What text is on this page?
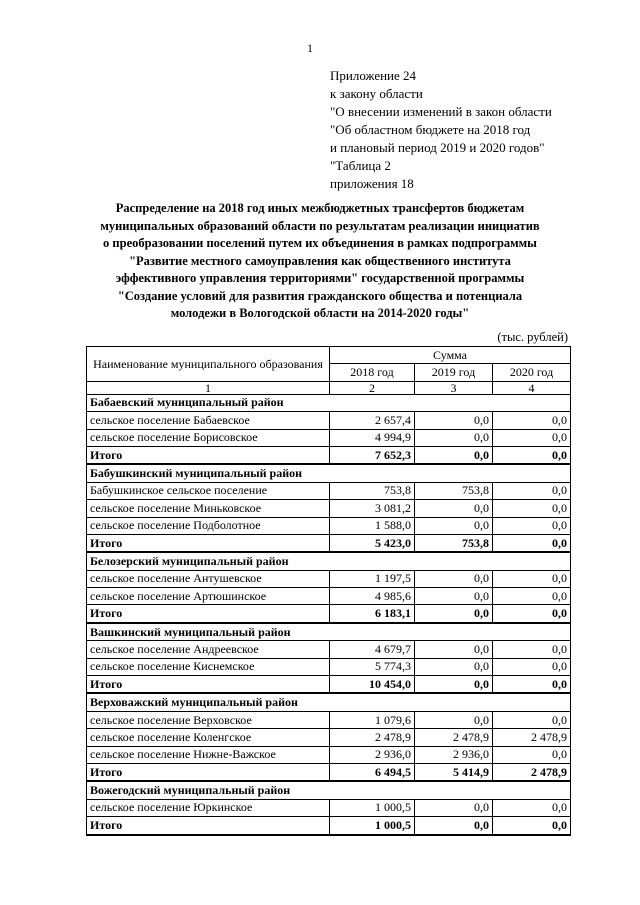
1
Приложение 24
к закону области
"О внесении изменений в закон области
"Об областном бюджете на 2018 год
и плановый период 2019 и 2020 годов"
"Таблица 2
приложения 18
Распределение на 2018 год иных межбюджетных трансфертов бюджетам
муниципальных образований области по результатам реализации инициатив
о преобразовании поселений путем их объединения в рамках подпрограммы
"Развитие местного самоуправления как общественного института
эффективного управления территориями" государственной программы
"Создание условий для развития гражданского общества и потенциала
молодежи в Вологодской области на 2014-2020 годы"
(тыс. рублей)
Наименование муниципального образования	Сумма		
	2018 год	2019 год	2020 год
1	2	3	4
Бабаевский муниципальный район			
сельское поселение Бабаевское	2 657,4	0,0	0,0
сельское поселение Борисовское	4 994,9	0,0	0,0
Итого	7 652,3	0,0	0,0
Бабушкинский муниципальный район			
Бабушкинское сельское поселение	753,8	753,8	0,0
сельское поселение Миньковское	3 081,2	0,0	0,0
сельское поселение Подболотное	1 588,0	0,0	0,0
Итого	5 423,0	753,8	0,0
Белозерский муниципальный район			
сельское поселение Антушевское	1 197,5	0,0	0,0
сельское поселение Артюшинское	4 985,6	0,0	0,0
Итого	6 183,1	0,0	0,0
Вашкинский муниципальный район			
сельское поселение Андреевское	4 679,7	0,0	0,0
сельское поселение Киснемское	5 774,3	0,0	0,0
Итого	10 454,0	0,0	0,0
Верховажский муниципальный район			
сельское поселение Верховское	1 079,6	0,0	0,0
сельское поселение Коленгское	2 478,9	2 478,9	2 478,9
сельское поселение Нижне-Важское	2 936,0	2 936,0	0,0
Итого	6 494,5	5 414,9	2 478,9
Вожегодский муниципальный район			
сельское поселение Юркинское	1 000,5	0,0	0,0
Итого	1 000,5	0,0	0,0
